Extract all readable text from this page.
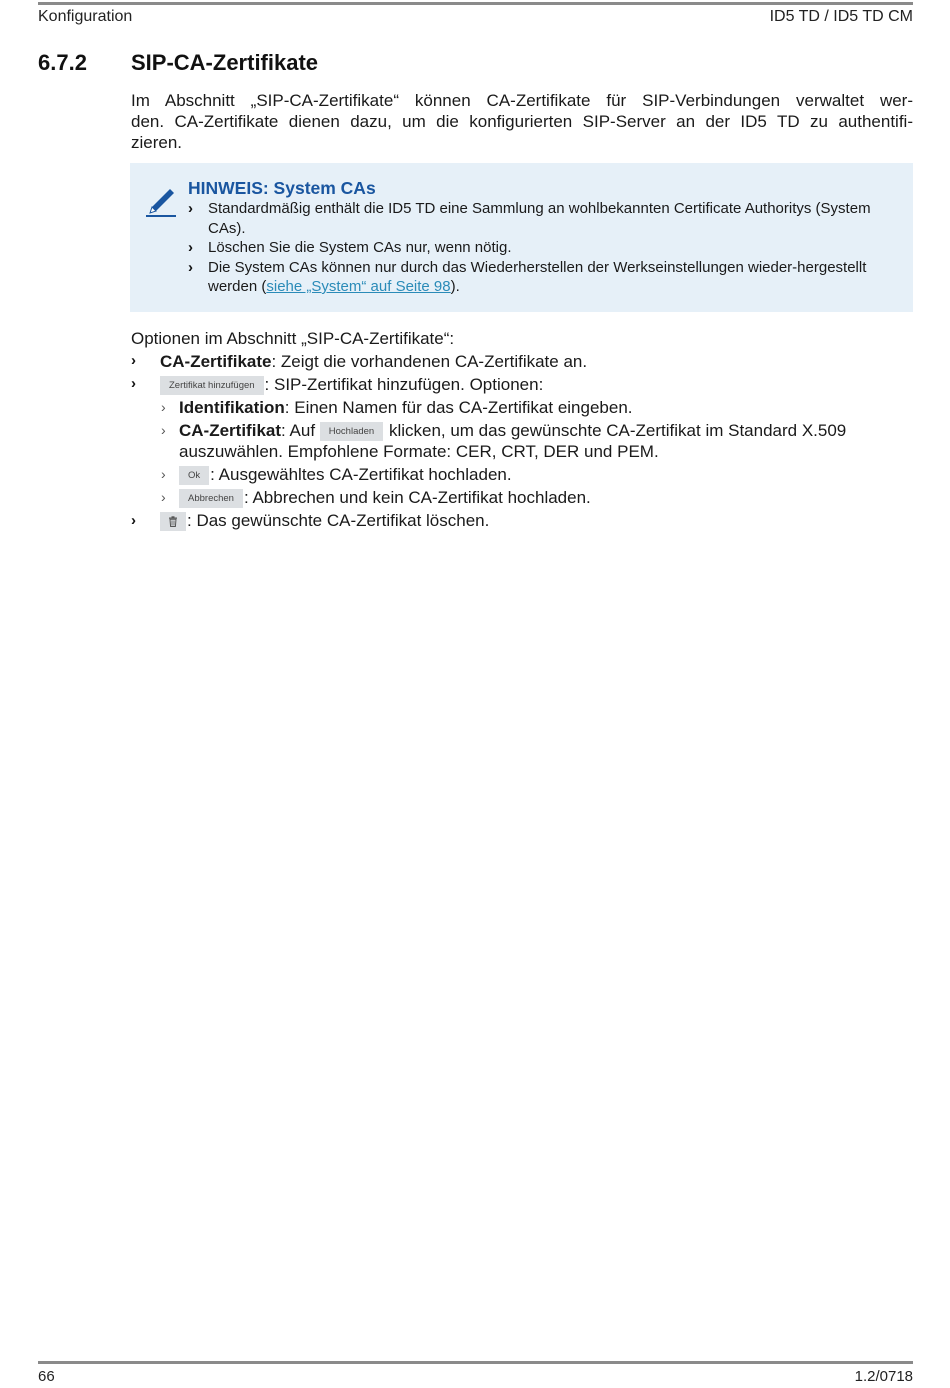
Konfiguration	ID5 TD / ID5 TD CM
6.7.2 SIP-CA-Zertifikate
Im Abschnitt „SIP-CA-Zertifikate“ können CA-Zertifikate für SIP-Verbindungen verwaltet wer-
den. CA-Zertifikate dienen dazu, um die konfigurierten SIP-Server an der ID5 TD zu authentifi-
zieren.
HINWEIS: System CAs
› Standardmäßig enthält die ID5 TD eine Sammlung an wohlbekannten Certificate Authoritys (System CAs).
› Löschen Sie die System CAs nur, wenn nötig.
› Die System CAs können nur durch das Wiederherstellen der Werkseinstellungen wieder-hergestellt werden (siehe „System“ auf Seite 98).
Optionen im Abschnitt „SIP-CA-Zertifikate“:
› CA-Zertifikate: Zeigt die vorhandenen CA-Zertifikate an.
›	Zertifikat hinzufügen : SIP-Zertifikat hinzufügen. Optionen:
› Identifikation: Einen Namen für das CA-Zertifikat eingeben.
› CA-Zertifikat: Auf Hochladen klicken, um das gewünschte CA-Zertifikat im Standard X.509
auszuwählen. Empfohlene Formate: CER, CRT, DER und PEM.
›	Ok : Ausgewähltes CA-Zertifikat hochladen.
›	Abbrechen : Abbrechen und kein CA-Zertifikat hochladen.
›	: Das gewünschte CA-Zertifikat löschen.
66	1.2/0718
